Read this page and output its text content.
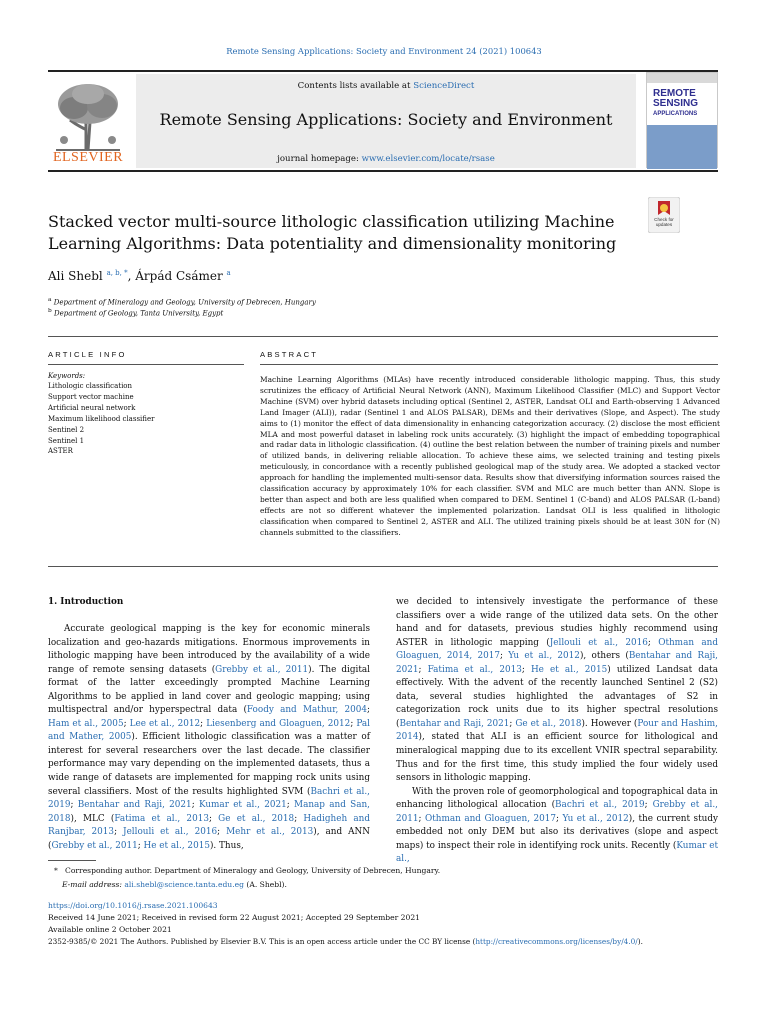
Remote Sensing Applications: Society and Environment 24 (2021) 100643
ELSEVIER
Contents lists available at ScienceDirect
Remote Sensing Applications: Society and Environment
journal homepage: www.elsevier.com/locate/rsase
REMOTE
SENSING
APPLICATIONS
Check for updates
Stacked vector multi-source lithologic classification utilizing Machine
Learning Algorithms: Data potentiality and dimensionality monitoring
Ali Shebl $^{a, b, *}$, Árpád Csámer $^a$
$^a$ Department of Mineralogy and Geology, University of Debrecen, Hungary
$^b$ Department of Geology, Tanta University, Egypt
ARTICLE INFO	ABSTRACT
Keywords:
Lithologic classification
Support vector machine
Artificial neural network
Maximum likelihood classifier
Sentinel 2
Sentinel 1
ASTER
Machine Learning Algorithms (MLAs) have recently introduced considerable lithologic mapping. Thus, this study scrutinizes the efficacy of Artificial Neural Network (ANN), Maximum Likelihood Classifier (MLC) and Support Vector Machine (SVM) over hybrid datasets including optical (Sentinel 2, ASTER, Landsat OLI and Earth-observing 1 Advanced Land Imager (ALI)), radar (Sentinel 1 and ALOS PALSAR), DEMs and their derivatives (Slope, and Aspect). The study aims to (1) monitor the effect of data dimensionality in enhancing categorization accuracy. (2) disclose the most efficient MLA and most powerful dataset in labeling rock units accurately. (3) highlight the impact of embedding topographical and radar data in lithologic classification. (4) outline the best relation between the number of training pixels and number of utilized bands, in delivering reliable allocation. To achieve these aims, we selected training and testing pixels meticulously, in concordance with a recently published geological map of the study area. We adopted a stacked vector approach for handling the implemented multi-sensor data. Results show that diversifying information sources raised the classification accuracy by approximately 10% for each classifier. SVM and MLC are much better than ANN. Slope is better than aspect and both are less qualified when compared to DEM. Sentinel 1 (C-band) and ALOS PALSAR (L-band) effects are not so different whatever the implemented polarization. Landsat OLI is less qualified in lithologic classification when compared to Sentinel 2, ASTER and ALI. The utilized training pixels should be at least 30N for (N) channels submitted to the classifiers.
1. Introduction

Accurate geological mapping is the key for economic minerals localization and geo-hazards mitigations. Enormous improvements in lithologic mapping have been introduced by the availability of a wide range of remote sensing datasets (Grebby et al., 2011). The digital format of the latter exceedingly prompted Machine Learning Algorithms to be applied in land cover and geologic mapping; using multispectral and/or hyperspectral data (Foody and Mathur, 2004; Ham et al., 2005; Lee et al., 2012; Liesenberg and Gloaguen, 2012; Pal and Mather, 2005). Efficient lithologic classification was a matter of interest for several researchers over the last decade. The classifier performance may vary depending on the implemented datasets, thus a wide range of datasets are implemented for mapping rock units using several classifiers. Most of the results highlighted SVM (Bachri et al., 2019; Bentahar and Raji, 2021; Kumar et al., 2021; Manap and San, 2018), MLC (Fatima et al., 2013; Ge et al., 2018; Hadigheh and Ranjbar, 2013; Jellouli et al., 2016; Mehr et al., 2013), and ANN (Grebby et al., 2011; He et al., 2015). Thus,

we decided to intensively investigate the performance of these classifiers over a wide range of the utilized data sets. On the other hand and for datasets, previous studies highly recommend using ASTER in lithologic mapping (Jellouli et al., 2016; Othman and Gloaguen, 2014, 2017; Yu et al., 2012), others (Bentahar and Raji, 2021; Fatima et al., 2013; He et al., 2015) utilized Landsat data effectively. With the advent of the recently launched Sentinel 2 (S2) data, several studies highlighted the advantages of S2 in categorization rock units due to its higher spectral resolutions (Bentahar and Raji, 2021; Ge et al., 2018). However (Pour and Hashim, 2014), stated that ALI is an efficient source for lithological and mineralogical mapping due to its excellent VNIR spectral separability. Thus and for the first time, this study implied the four widely used sensors in lithologic mapping.

With the proven role of geomorphological and topographical data in enhancing lithological allocation (Bachri et al., 2019; Grebby et al., 2011; Othman and Gloaguen, 2017; Yu et al., 2012), the current study embedded not only DEM but also its derivatives (slope and aspect maps) to inspect their role in identifying rock units. Recently (Kumar et al.,

* Corresponding author. Department of Mineralogy and Geology, University of Debrecen, Hungary.
E-mail address: ali.shebl@science.tanta.edu.eg (A. Shebl).
https://doi.org/10.1016/j.rsase.2021.100643
Received 14 June 2021; Received in revised form 22 August 2021; Accepted 29 September 2021
Available online 2 October 2021
2352-9385/© 2021 The Authors. Published by Elsevier B.V. This is an open access article under the CC BY license (http://creativecommons.org/licenses/by/4.0/).
